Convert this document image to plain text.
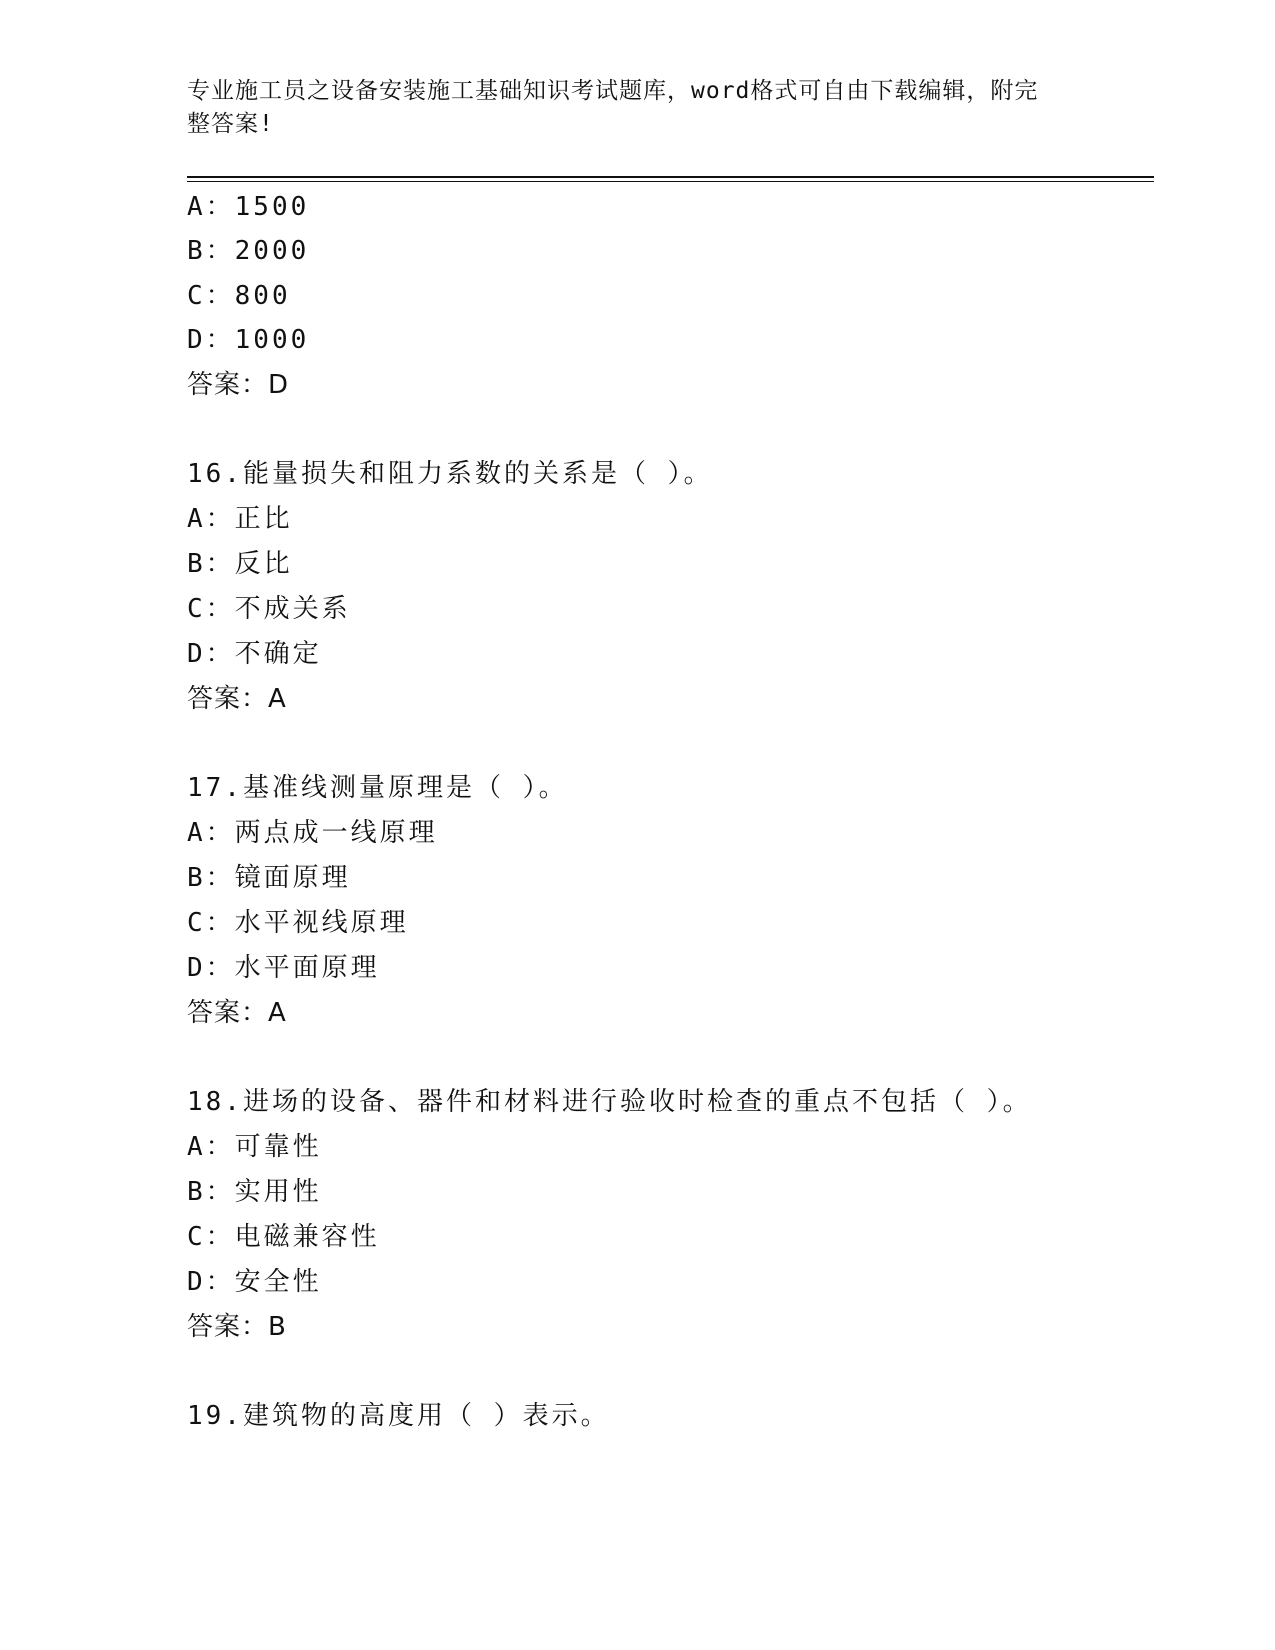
专业施工员之设备安装施工基础知识考试题库，word格式可自由下载编辑，附完
整答案!
A：1500
B：2000
C：800
D：1000
答案：D
16.能量损失和阻力系数的关系是（ ）。
A：正比
B：反比
C：不成关系
D：不确定
答案：A
17.基准线测量原理是（ ）。
A：两点成一线原理
B：镜面原理
C：水平视线原理
D：水平面原理
答案：A
18.进场的设备、器件和材料进行验收时检查的重点不包括（ ）。
A：可靠性
B：实用性
C：电磁兼容性
D：安全性
答案：B
19.建筑物的高度用（ ）表示。
